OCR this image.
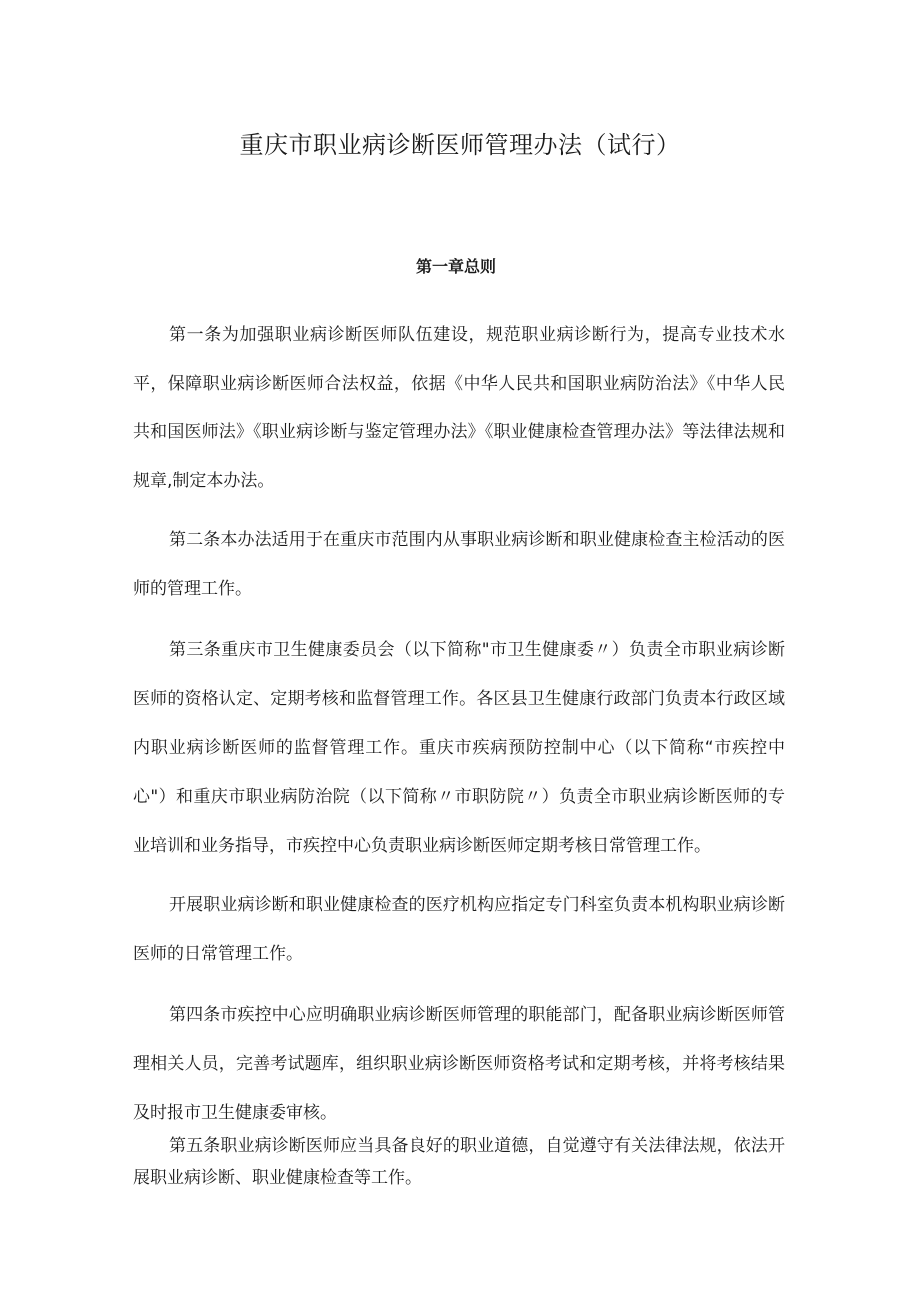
重庆市职业病诊断医师管理办法（试行）
第一章总则

第一条为加强职业病诊断医师队伍建设，规范职业病诊断行为，提高专业技术水平，保障职业病诊断医师合法权益，依据《中华人民共和国职业病防治法》《中华人民共和国医师法》《职业病诊断与鉴定管理办法》《职业健康检查管理办法》等法律法规和规章,制定本办法。

第二条本办法适用于在重庆市范围内从事职业病诊断和职业健康检查主检活动的医师的管理工作。

第三条重庆市卫生健康委员会（以下简称"市卫生健康委〃）负责全市职业病诊断医师的资格认定、定期考核和监督管理工作。各区县卫生健康行政部门负责本行政区域内职业病诊断医师的监督管理工作。重庆市疾病预防控制中心（以下简称“市疾控中心"）和重庆市职业病防治院（以下简称〃市职防院〃）负责全市职业病诊断医师的专业培训和业务指导，市疾控中心负责职业病诊断医师定期考核日常管理工作。

开展职业病诊断和职业健康检查的医疗机构应指定专门科室负责本机构职业病诊断医师的日常管理工作。

第四条市疾控中心应明确职业病诊断医师管理的职能部门，配备职业病诊断医师管理相关人员，完善考试题库，组织职业病诊断医师资格考试和定期考核，并将考核结果及时报市卫生健康委审核。

第五条职业病诊断医师应当具备良好的职业道德，自觉遵守有关法律法规，依法开展职业病诊断、职业健康检查等工作。
